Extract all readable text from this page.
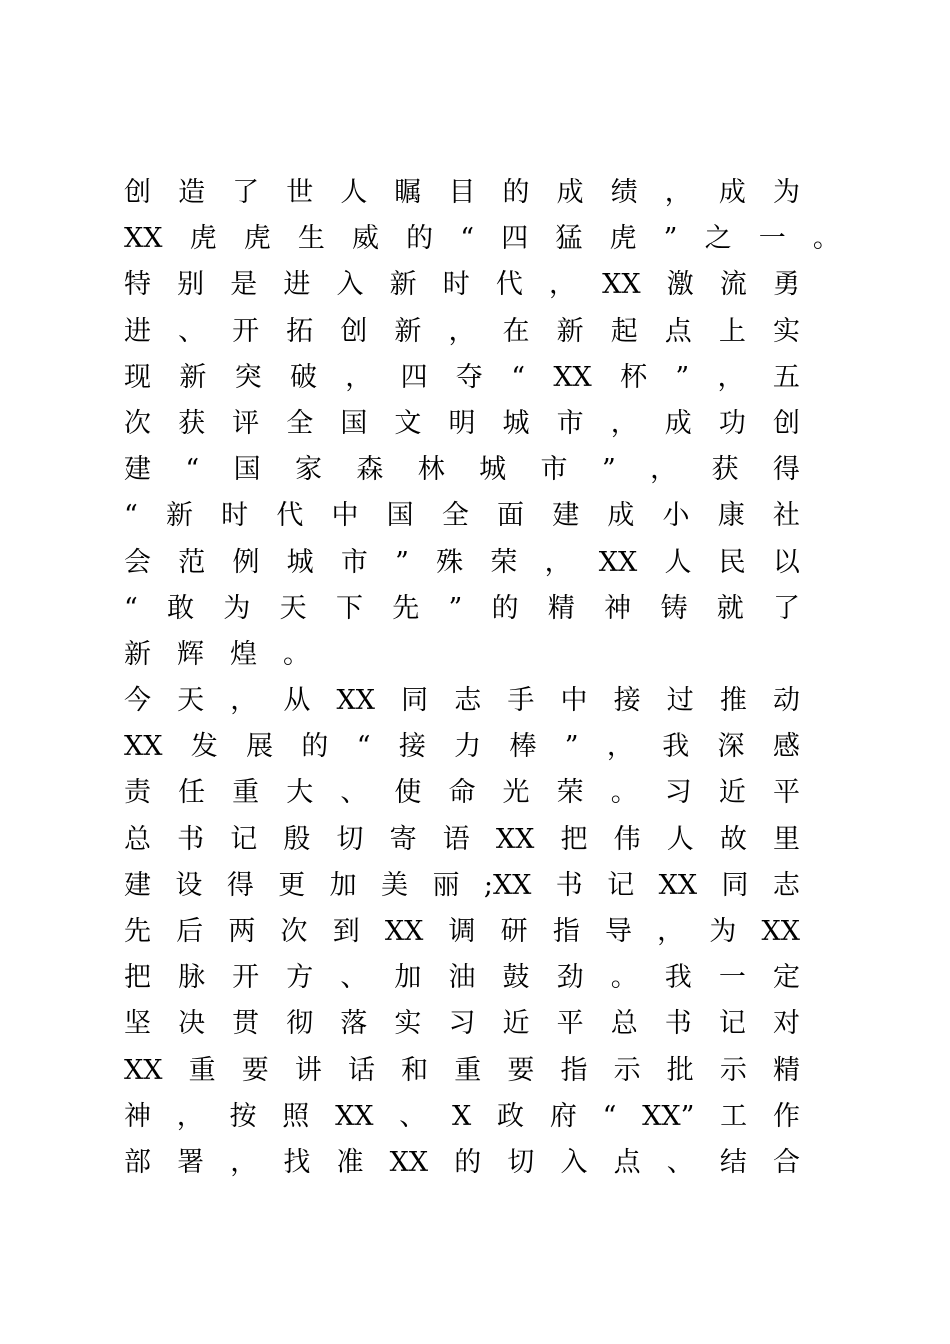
创 造 了 世 人 瞩 目 的 成 绩 ， 成 为
XX 虎 虎 生 威 的 “ 四 猛 虎 ” 之 一 。
特 别 是 进 入 新 时 代 ， XX 激 流 勇
进 、 开 拓 创 新 ， 在 新 起 点 上 实
现 新 突 破 ， 四 夺 “ XX 杯 ” ， 五
次 获 评 全 国 文 明 城 市 ， 成 功 创
建 “ 国 家 森 林 城 市 ” ， 获 得
“ 新 时 代 中 国 全 面 建 成 小 康 社
会 范 例 城 市 ” 殊 荣 ， XX 人 民 以
“ 敢 为 天 下 先 ” 的 精 神 铸 就 了
新 辉 煌 。
今 天 ， 从 XX 同 志 手 中 接 过 推 动
XX 发 展 的 “ 接 力 棒 ” ， 我 深 感
责 任 重 大 、 使 命 光 荣 。 习 近 平
总 书 记 殷 切 寄 语 XX 把 伟 人 故 里
建 设 得 更 加 美 丽 ;XX 书 记 XX 同 志
先 后 两 次 到 XX 调 研 指 导 ， 为 XX
把 脉 开 方 、 加 油 鼓 劲 。 我 一 定
坚 决 贯 彻 落 实 习 近 平 总 书 记 对
XX 重 要 讲 话 和 重 要 指 示 批 示 精
神 ， 按 照 XX 、 X 政 府 “ XX” 工 作
部 署 ， 找 准 XX 的 切 入 点 、 结 合
